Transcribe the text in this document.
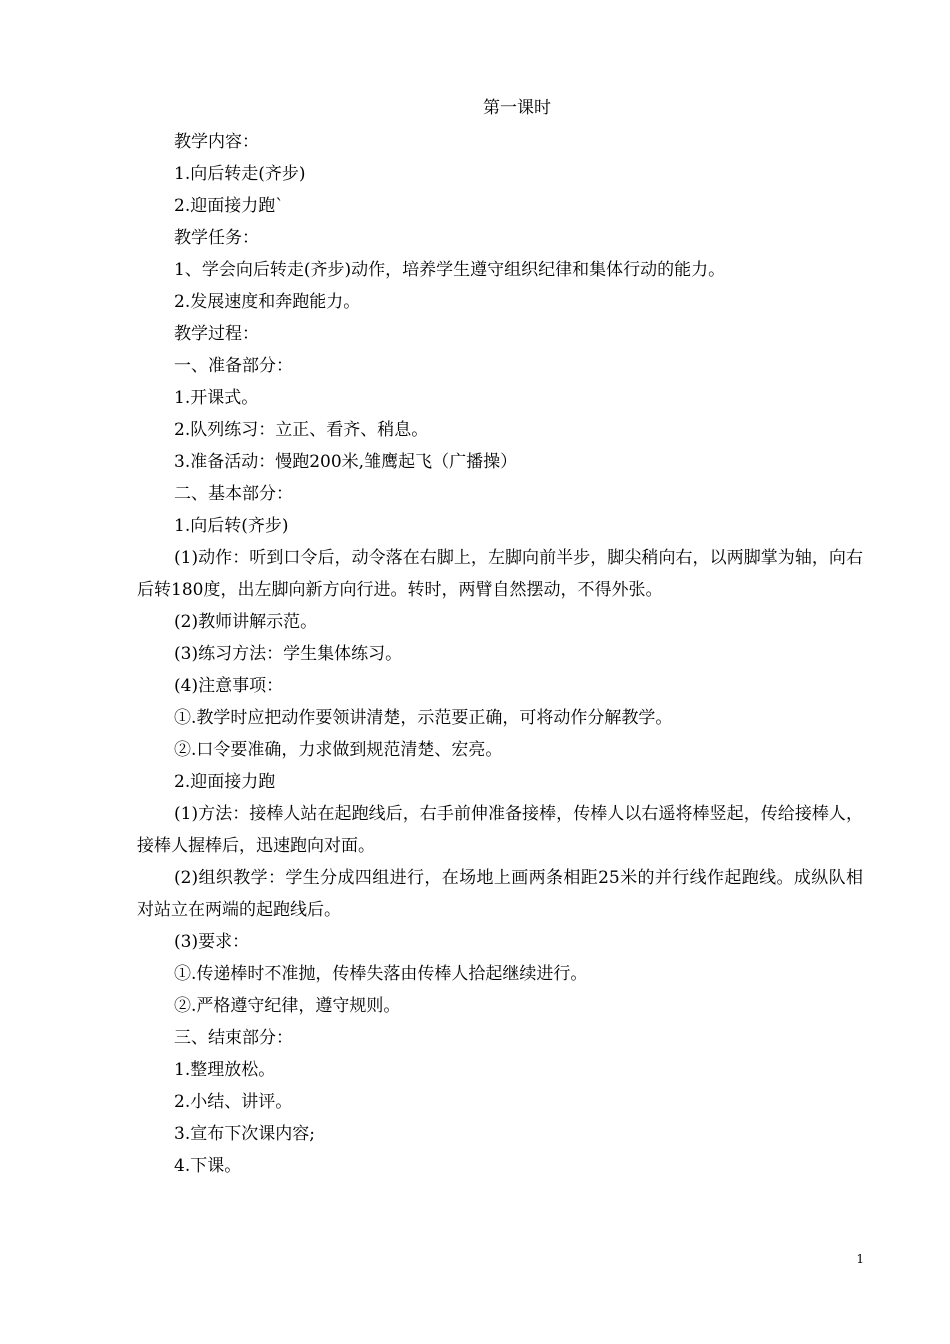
第一课时
教学内容：
1.向后转走(齐步)
2.迎面接力跑`
教学任务：
1、学会向后转走(齐步)动作，培养学生遵守组织纪律和集体行动的能力。
2.发展速度和奔跑能力。
教学过程：
一、准备部分：
1.开课式。
2.队列练习：立正、看齐、稍息。
3.准备活动：慢跑200米,雏鹰起飞（广播操）
二、基本部分：
1.向后转(齐步)
(1)动作：听到口令后，动令落在右脚上，左脚向前半步，脚尖稍向右，以两脚掌为轴，向右后转180度，出左脚向新方向行进。转时，两臂自然摆动，不得外张。
(2)教师讲解示范。
(3)练习方法：学生集体练习。
(4)注意事项：
①.教学时应把动作要领讲清楚，示范要正确，可将动作分解教学。
②.口令要准确，力求做到规范清楚、宏亮。
2.迎面接力跑
(1)方法：接棒人站在起跑线后，右手前伸准备接棒，传棒人以右遥将棒竖起，传给接棒人，接棒人握棒后，迅速跑向对面。
(2)组织教学：学生分成四组进行，在场地上画两条相距25米的并行线作起跑线。成纵队相对站立在两端的起跑线后。
(3)要求：
①.传递棒时不准抛，传棒失落由传棒人拾起继续进行。
②.严格遵守纪律，遵守规则。
三、结束部分：
1.整理放松。
2.小结、讲评。
3.宣布下次课内容;
4.下课。
1
